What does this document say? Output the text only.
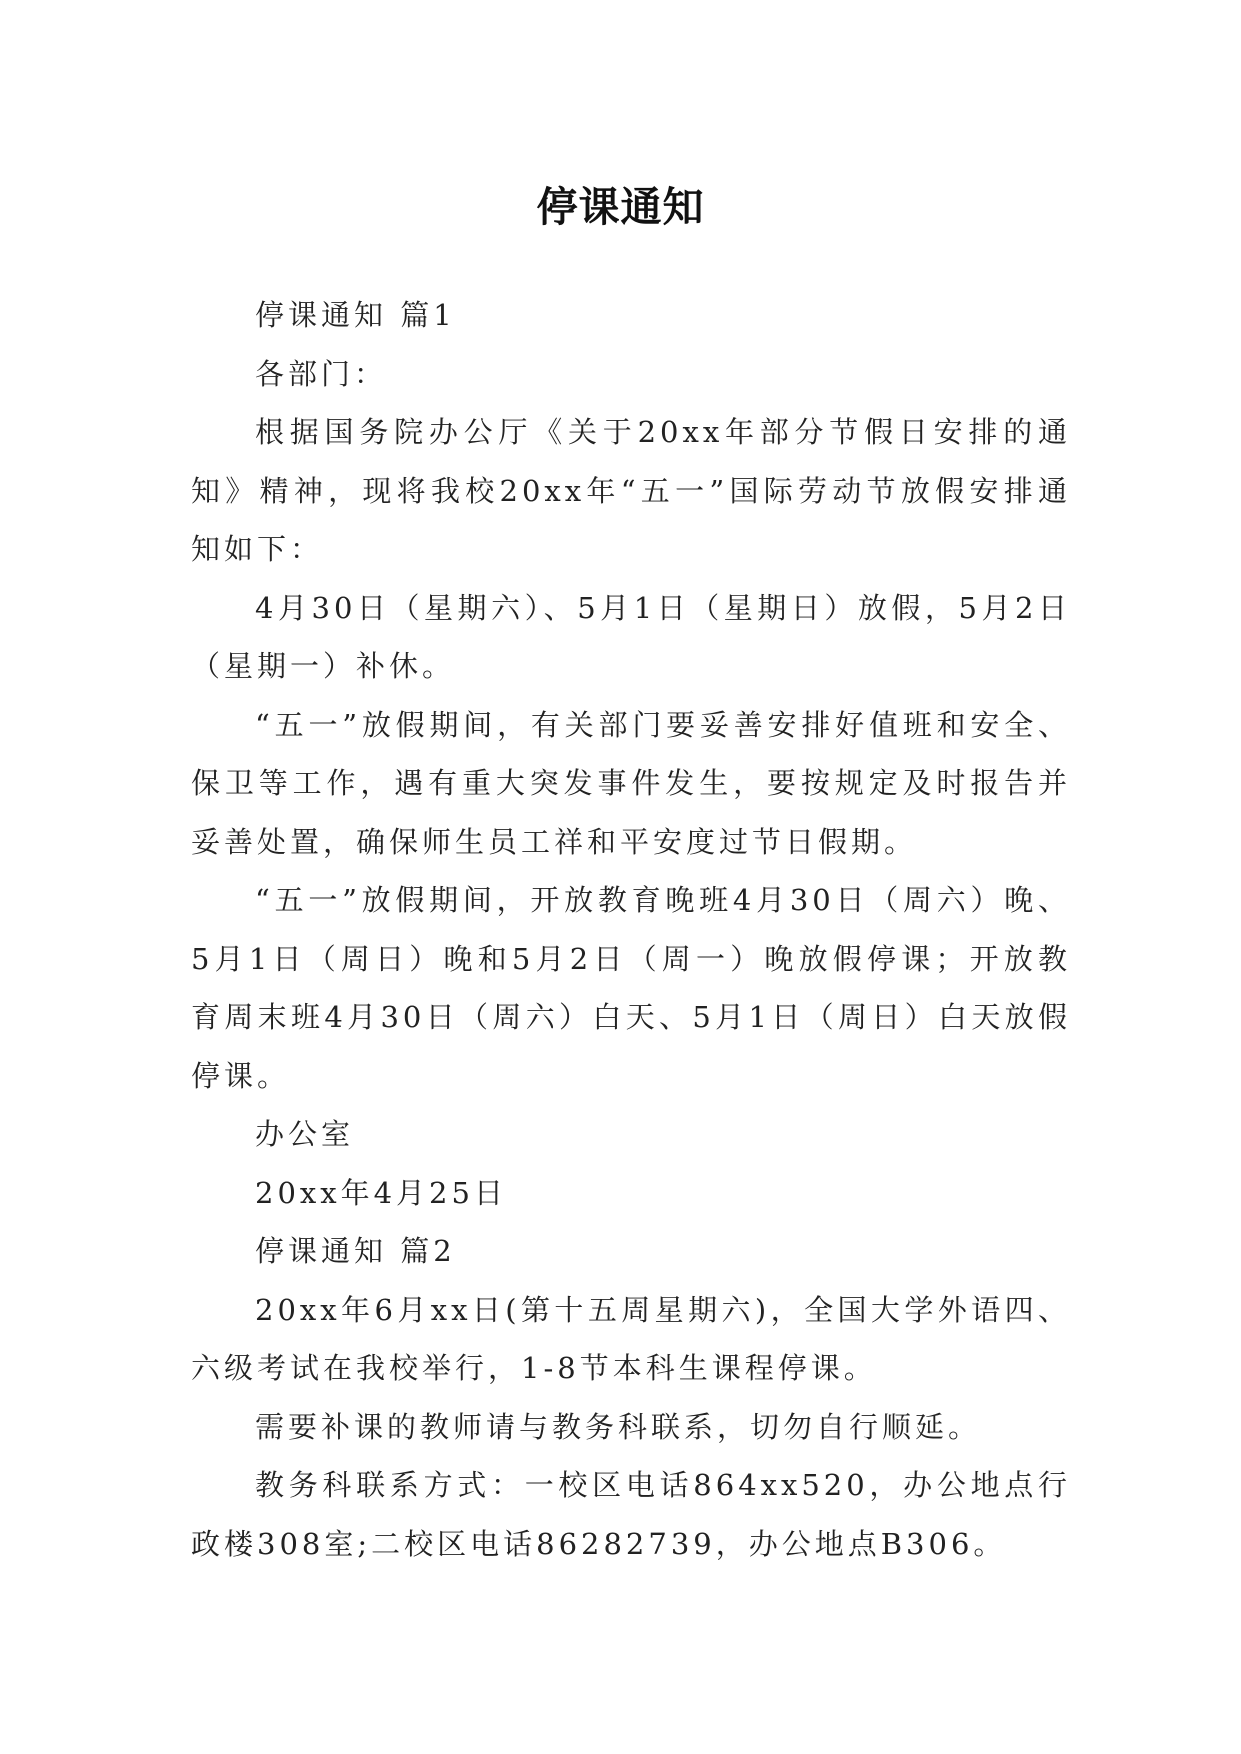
停课通知

停课通知 篇1

各部门：

根据国务院办公厅《关于20xx年部分节假日安排的通知》精神，现将我校20xx年“五一”国际劳动节放假安排通知如下：

4月30日（星期六）、5月1日（星期日）放假，5月2日（星期一）补休。

“五一”放假期间，有关部门要妥善安排好值班和安全、保卫等工作，遇有重大突发事件发生，要按规定及时报告并妥善处置，确保师生员工祥和平安度过节日假期。

“五一”放假期间，开放教育晚班4月30日（周六）晚、5月1日（周日）晚和5月2日（周一）晚放假停课；开放教育周末班4月30日（周六）白天、5月1日（周日）白天放假停课。

办公室

20xx年4月25日

停课通知 篇2

20xx年6月xx日(第十五周星期六)，全国大学外语四、六级考试在我校举行，1-8节本科生课程停课。

需要补课的教师请与教务科联系，切勿自行顺延。

教务科联系方式：一校区电话864xx520，办公地点行政楼308室;二校区电话86282739，办公地点B306。
